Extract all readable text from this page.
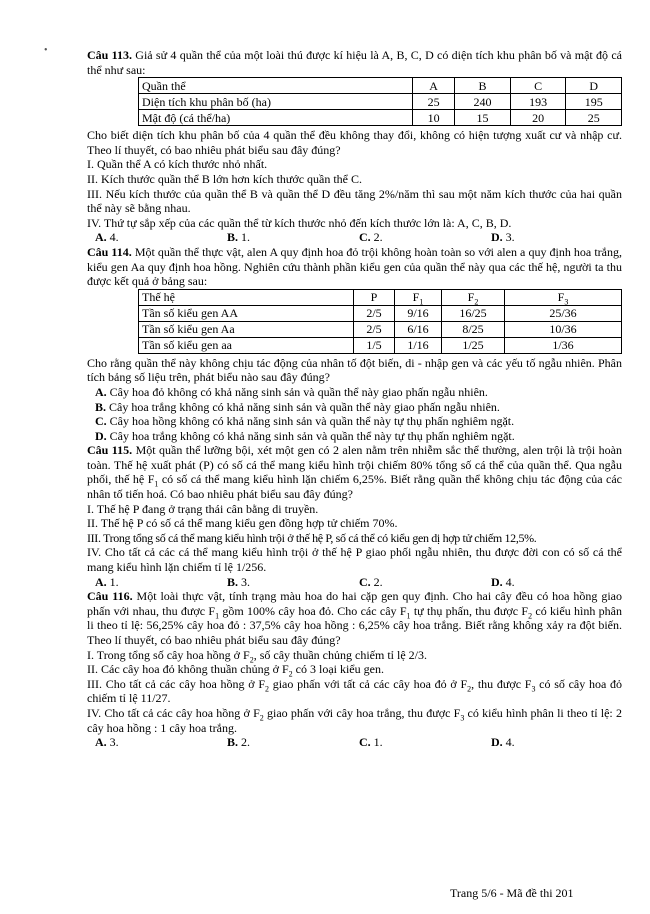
•	Câu 113. Giả sử 4 quần thể của một loài thú được kí hiệu là A, B, C, D có diện tích khu phân bố và mật độ cá thể như sau:

Quần thể	A	B	C	D
Diện tích khu phân bố (ha)	25	240	193	195
Mật độ (cá thể/ha)	10	15	20	25

Cho biết diện tích khu phân bố của 4 quần thể đều không thay đổi, không có hiện tượng xuất cư và nhập cư. Theo lí thuyết, có bao nhiêu phát biểu sau đây đúng?

I. Quần thể A có kích thước nhỏ nhất.

II. Kích thước quần thể B lớn hơn kích thước quần thể C.

III. Nếu kích thước của quần thể B và quần thể D đều tăng 2%/năm thì sau một năm kích thước của hai quần thể này sẽ bằng nhau.

IV. Thứ tự sắp xếp của các quần thể từ kích thước nhỏ đến kích thước lớn là: A, C, B, D.

A. 4.	B. 1.	C. 2.	D. 3.

Câu 114. Một quần thể thực vật, alen A quy định hoa đỏ trội không hoàn toàn so với alen a quy định hoa trắng, kiểu gen Aa quy định hoa hồng. Nghiên cứu thành phần kiểu gen của quần thể này qua các thế hệ, người ta thu được kết quả ở bảng sau:

Thế hệ	P	$F_1$	$F_2$	$F_3$
Tần số kiểu gen AA	2/5	9/16	16/25	25/36
Tần số kiểu gen Aa	2/5	6/16	8/25	10/36
Tần số kiểu gen aa	1/5	1/16	1/25	1/36

Cho rằng quần thể này không chịu tác động của nhân tố đột biến, di - nhập gen và các yếu tố ngẫu nhiên. Phân tích bảng số liệu trên, phát biểu nào sau đây đúng?

A. Cây hoa đỏ không có khả năng sinh sản và quần thể này giao phấn ngẫu nhiên.

B. Cây hoa trắng không có khả năng sinh sản và quần thể này giao phấn ngẫu nhiên.

C. Cây hoa hồng không có khả năng sinh sản và quần thể này tự thụ phấn nghiêm ngặt.

D. Cây hoa trắng không có khả năng sinh sản và quần thể này tự thụ phấn nghiêm ngặt.

Câu 115. Một quần thể lưỡng bội, xét một gen có 2 alen nằm trên nhiễm sắc thể thường, alen trội là trội hoàn toàn. Thế hệ xuất phát (P) có số cá thể mang kiểu hình trội chiếm 80% tổng số cá thể của quần thể. Qua ngẫu phối, thế hệ $F_1$ có số cá thể mang kiểu hình lặn chiếm 6,25%. Biết rằng quần thể không chịu tác động của các nhân tố tiến hoá. Có bao nhiêu phát biểu sau đây đúng?

I. Thế hệ P đang ở trạng thái cân bằng di truyền.

II. Thế hệ P có số cá thể mang kiểu gen đồng hợp tử chiếm 70%.

III. Trong tổng số cá thể mang kiểu hình trội ở thế hệ P, số cá thể có kiểu gen dị hợp tử chiếm 12,5%.

IV. Cho tất cả các cá thể mang kiểu hình trội ở thế hệ P giao phối ngẫu nhiên, thu được đời con có số cá thể mang kiểu hình lặn chiếm tỉ lệ 1/256.

A. 1.	B. 3.	C. 2.	D. 4.

Câu 116. Một loài thực vật, tính trạng màu hoa do hai cặp gen quy định. Cho hai cây đều có hoa hồng giao phấn với nhau, thu được $F_1$ gồm 100% cây hoa đỏ. Cho các cây $F_1$ tự thụ phấn, thu được $F_2$ có kiểu hình phân li theo tỉ lệ: 56,25% cây hoa đỏ : 37,5% cây hoa hồng : 6,25% cây hoa trắng. Biết rằng không xảy ra đột biến. Theo lí thuyết, có bao nhiêu phát biểu sau đây đúng?

I. Trong tổng số cây hoa hồng ở $F_2$, số cây thuần chủng chiếm tỉ lệ 2/3.

II. Các cây hoa đỏ không thuần chủng ở $F_2$ có 3 loại kiểu gen.

III. Cho tất cả các cây hoa hồng ở $F_2$ giao phấn với tất cả các cây hoa đỏ ở $F_2$, thu được $F_3$ có số cây hoa đỏ chiếm tỉ lệ 11/27.

IV. Cho tất cả các cây hoa hồng ở $F_2$ giao phấn với cây hoa trắng, thu được $F_3$ có kiểu hình phân li theo tỉ lệ: 2 cây hoa hồng : 1 cây hoa trắng.

A. 3.	B. 2.	C. 1.	D. 4.
Trang 5/6 - Mã đề thi 201
